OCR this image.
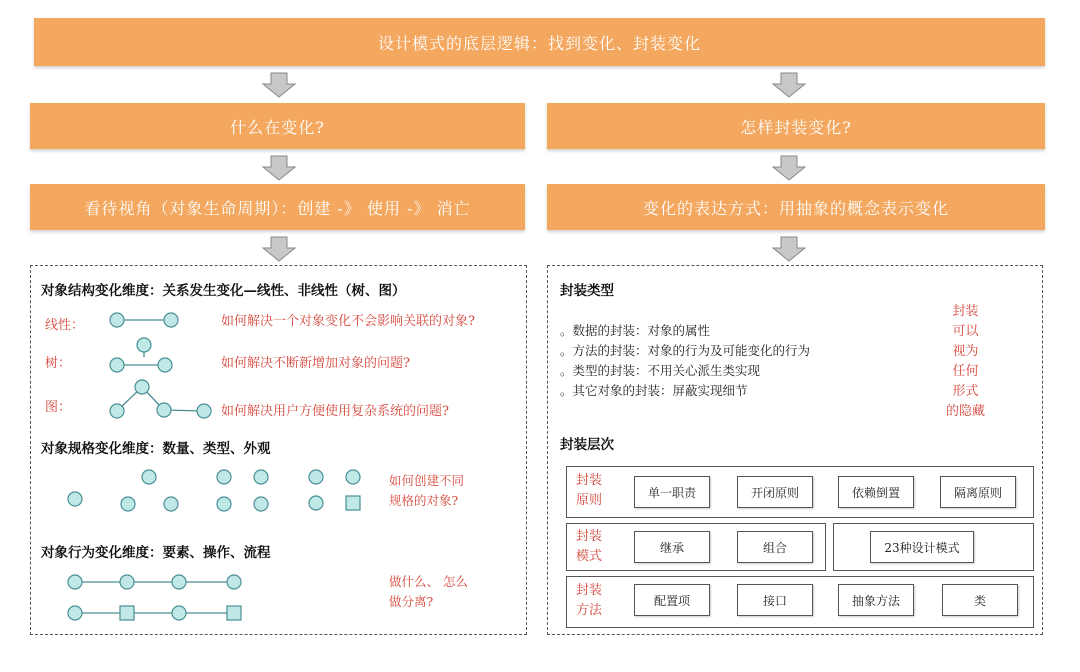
设计模式的底层逻辑：找到变化、封装变化
什么在变化?
看待视角（对象生命周期）：创建 -》 使用 -》 消亡
怎样封装变化?
变化的表达方式：用抽象的概念表示变化
对象结构变化维度：关系发生变化—线性、非线性（树、图）
线性：	如何解决一个对象变化不会影响关联的对象?
树：	如何解决不断新增加对象的问题?
图：	如何解决用户方便使用复杂系统的问题?
对象规格变化维度：数量、类型、外观
如何创建不同
规格的对象?
对象行为变化维度：要素、操作、流程
做什么、 怎么
做分离?
封装类型
。数据的封装：对象的属性
。方法的封装：对象的行为及可能变化的行为
。类型的封装：不用关心派生类实现
。其它对象的封装：屏蔽实现细节
封装
可以
视为
任何
形式
的隐藏
封装层次
封装
原则
单一职责	开闭原则	依赖倒置	隔离原则
封装
模式
继承	组合	23种设计模式
封装
方法
配置项	接口	抽象方法	类
